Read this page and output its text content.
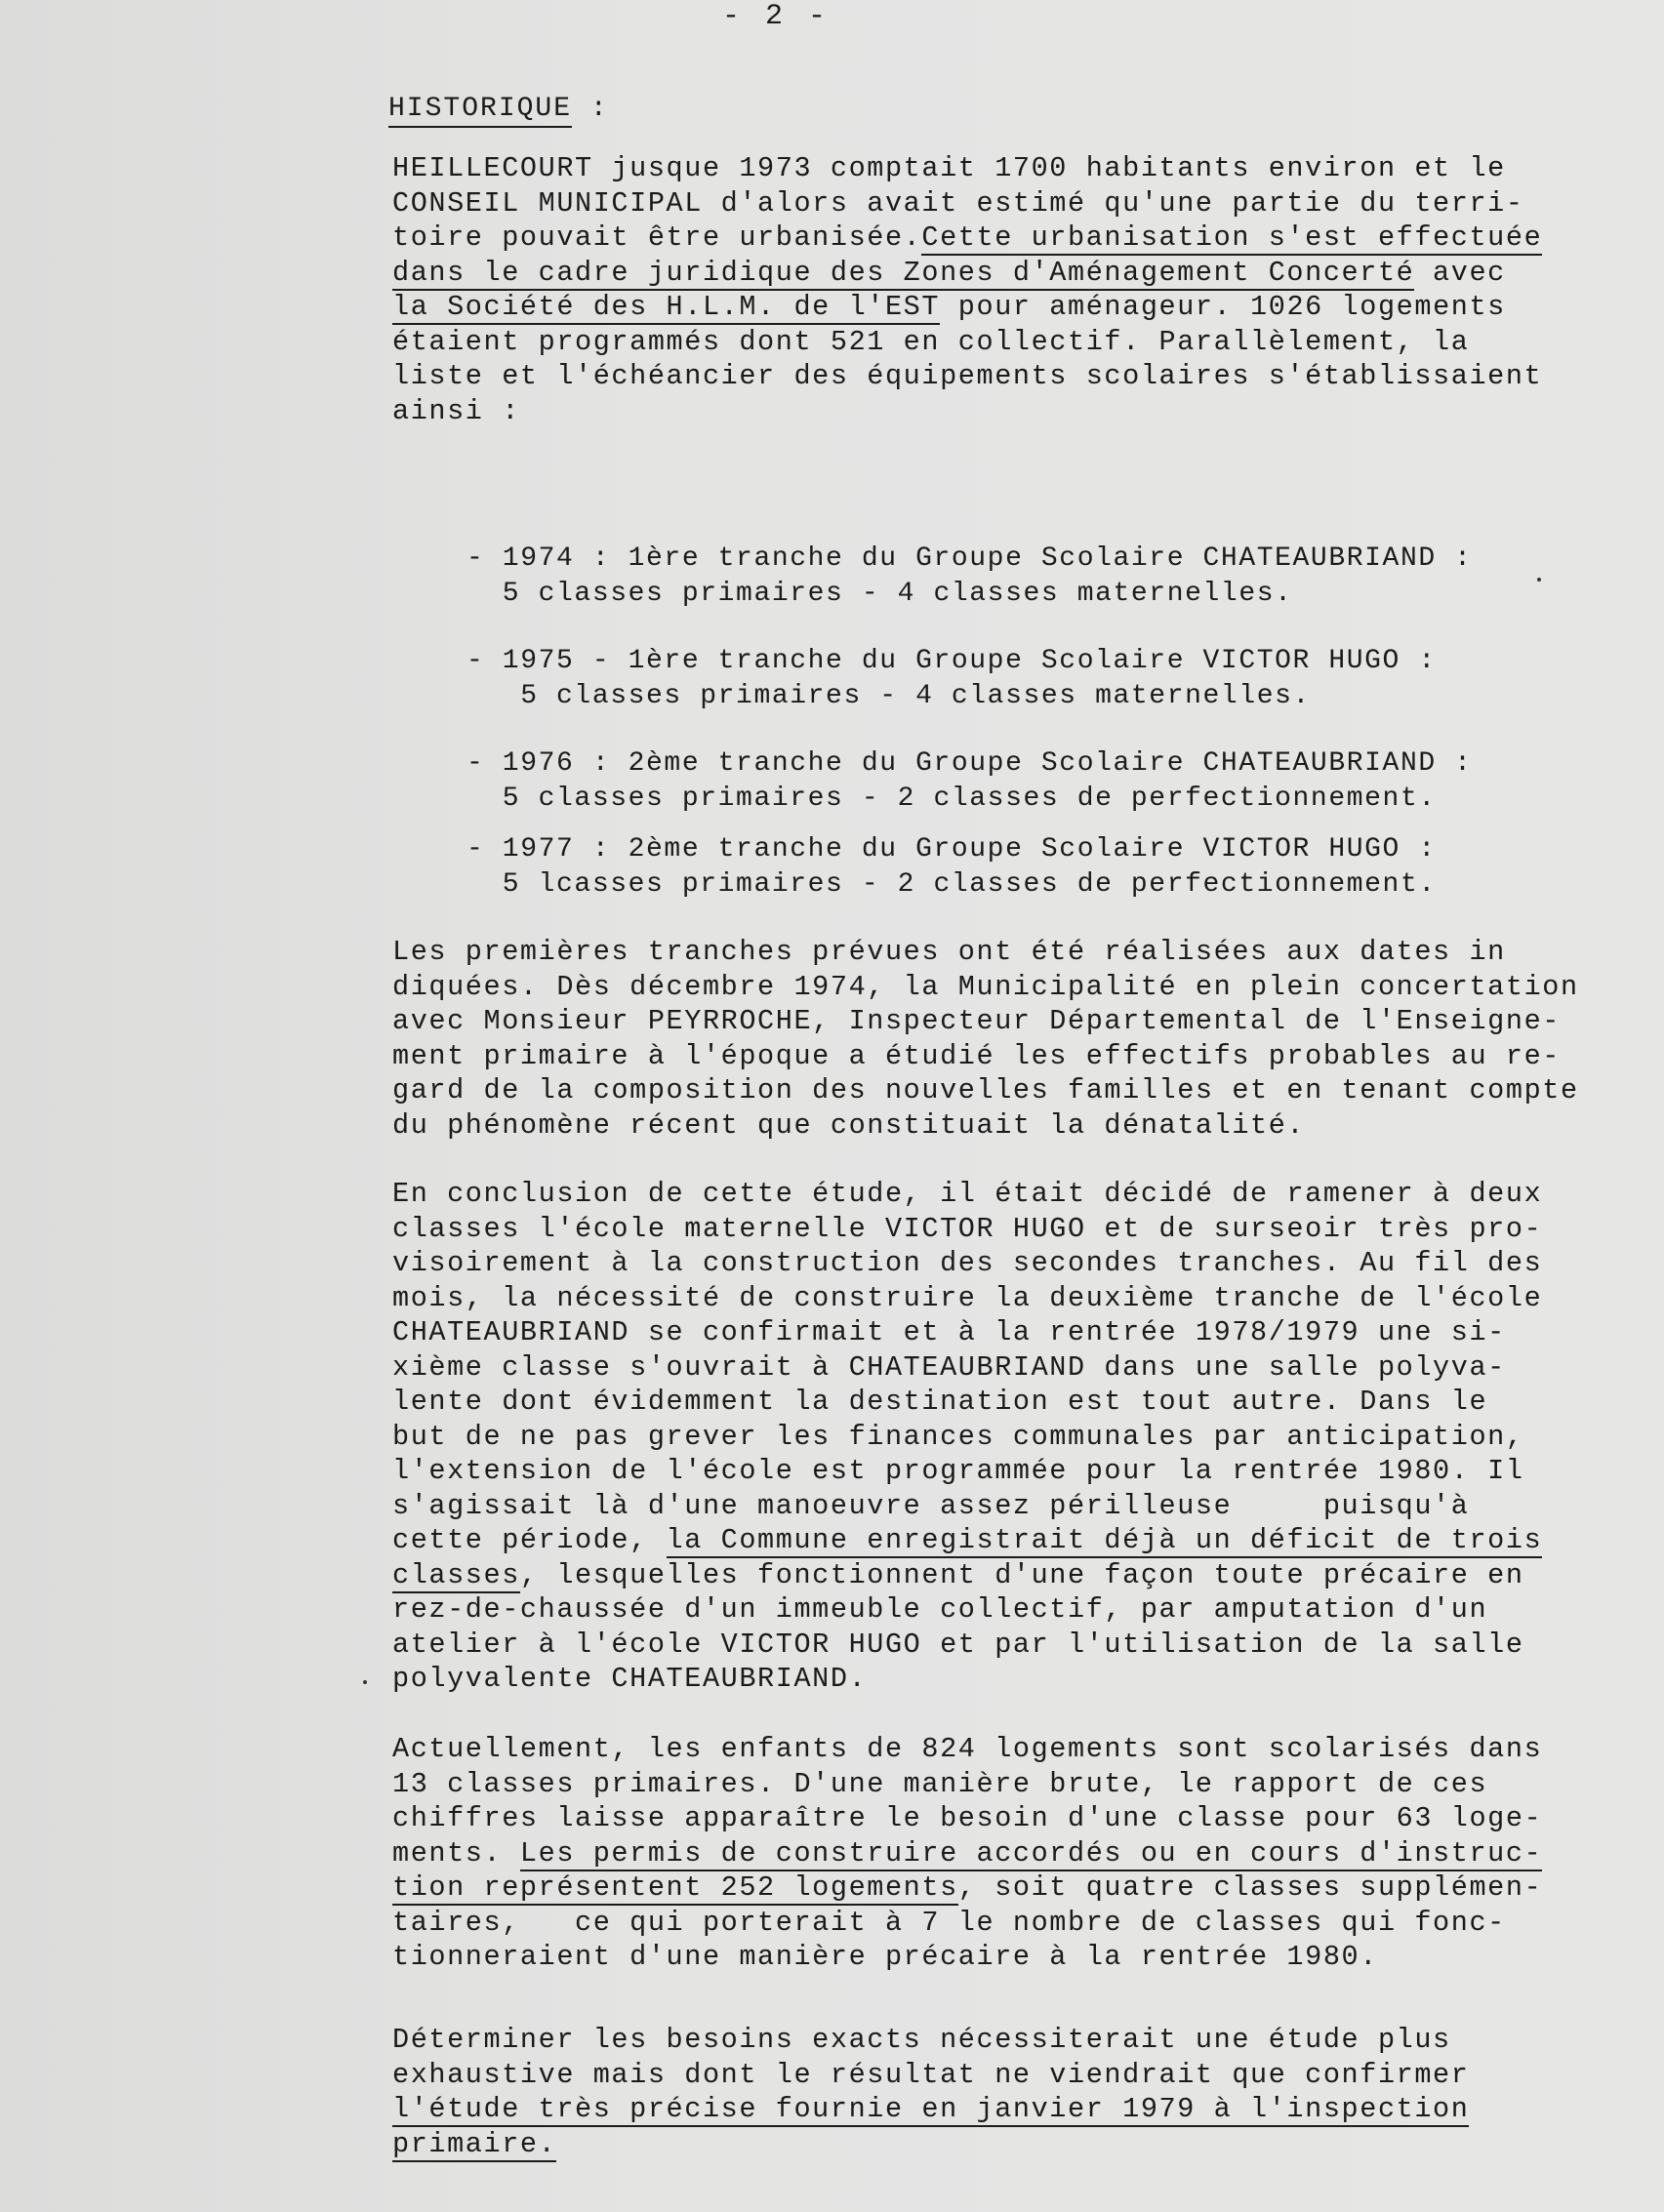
- 2 -
HISTORIQUE :
HEILLECOURT jusque 1973 comptait 1700 habitants environ et le
CONSEIL MUNICIPAL d'alors avait estimé qu'une partie du terri-
toire pouvait être urbanisée.Cette urbanisation s'est effectuée
dans le cadre juridique des Zones d'Aménagement Concerté avec
la Société des H.L.M. de l'EST pour aménageur. 1026 logements
étaient programmés dont 521 en collectif. Parallèlement, la
liste et l'échéancier des équipements scolaires s'établissaient
ainsi :
- 1974 : 1ère tranche du Groupe Scolaire CHATEAUBRIAND :
5 classes primaires - 4 classes maternelles.
- 1975 - 1ère tranche du Groupe Scolaire VICTOR HUGO :
5 classes primaires - 4 classes maternelles.
- 1976 : 2ème tranche du Groupe Scolaire CHATEAUBRIAND :
5 classes primaires - 2 classes de perfectionnement.
- 1977 : 2ème tranche du Groupe Scolaire VICTOR HUGO :
5 lcasses primaires - 2 classes de perfectionnement.
Les premières tranches prévues ont été réalisées aux dates in
diquées. Dès décembre 1974, la Municipalité en plein concertation
avec Monsieur PEYRROCHE, Inspecteur Départemental de l'Enseigne-
ment primaire à l'époque a étudié les effectifs probables au re-
gard de la composition des nouvelles familles et en tenant compte
du phénomène récent que constituait la dénatalité.
En conclusion de cette étude, il était décidé de ramener à deux
classes l'école maternelle VICTOR HUGO et de surseoir très pro-
visoirement à la construction des secondes tranches. Au fil des
mois, la nécessité de construire la deuxième tranche de l'école
CHATEAUBRIAND se confirmait et à la rentrée 1978/1979 une si-
xième classe s'ouvrait à CHATEAUBRIAND dans une salle polyva-
lente dont évidemment la destination est tout autre. Dans le
but de ne pas grever les finances communales par anticipation,
l'extension de l'école est programmée pour la rentrée 1980. Il
s'agissait là d'une manoeuvre assez périlleuse     puisqu'à
cette période, la Commune enregistrait déjà un déficit de trois
classes, lesquelles fonctionnent d'une façon toute précaire en
rez-de-chaussée d'un immeuble collectif, par amputation d'un
atelier à l'école VICTOR HUGO et par l'utilisation de la salle
polyvalente CHATEAUBRIAND.
Actuellement, les enfants de 824 logements sont scolarisés dans
13 classes primaires. D'une manière brute, le rapport de ces
chiffres laisse apparaître le besoin d'une classe pour 63 loge-
ments. Les permis de construire accordés ou en cours d'instruc-
tion représentent 252 logements, soit quatre classes supplémen-
taires,   ce qui porterait à 7 le nombre de classes qui fonc-
tionneraient d'une manière précaire à la rentrée 1980.
Déterminer les besoins exacts nécessiterait une étude plus
exhaustive mais dont le résultat ne viendrait que confirmer
l'étude très précise fournie en janvier 1979 à l'inspection
primaire.
